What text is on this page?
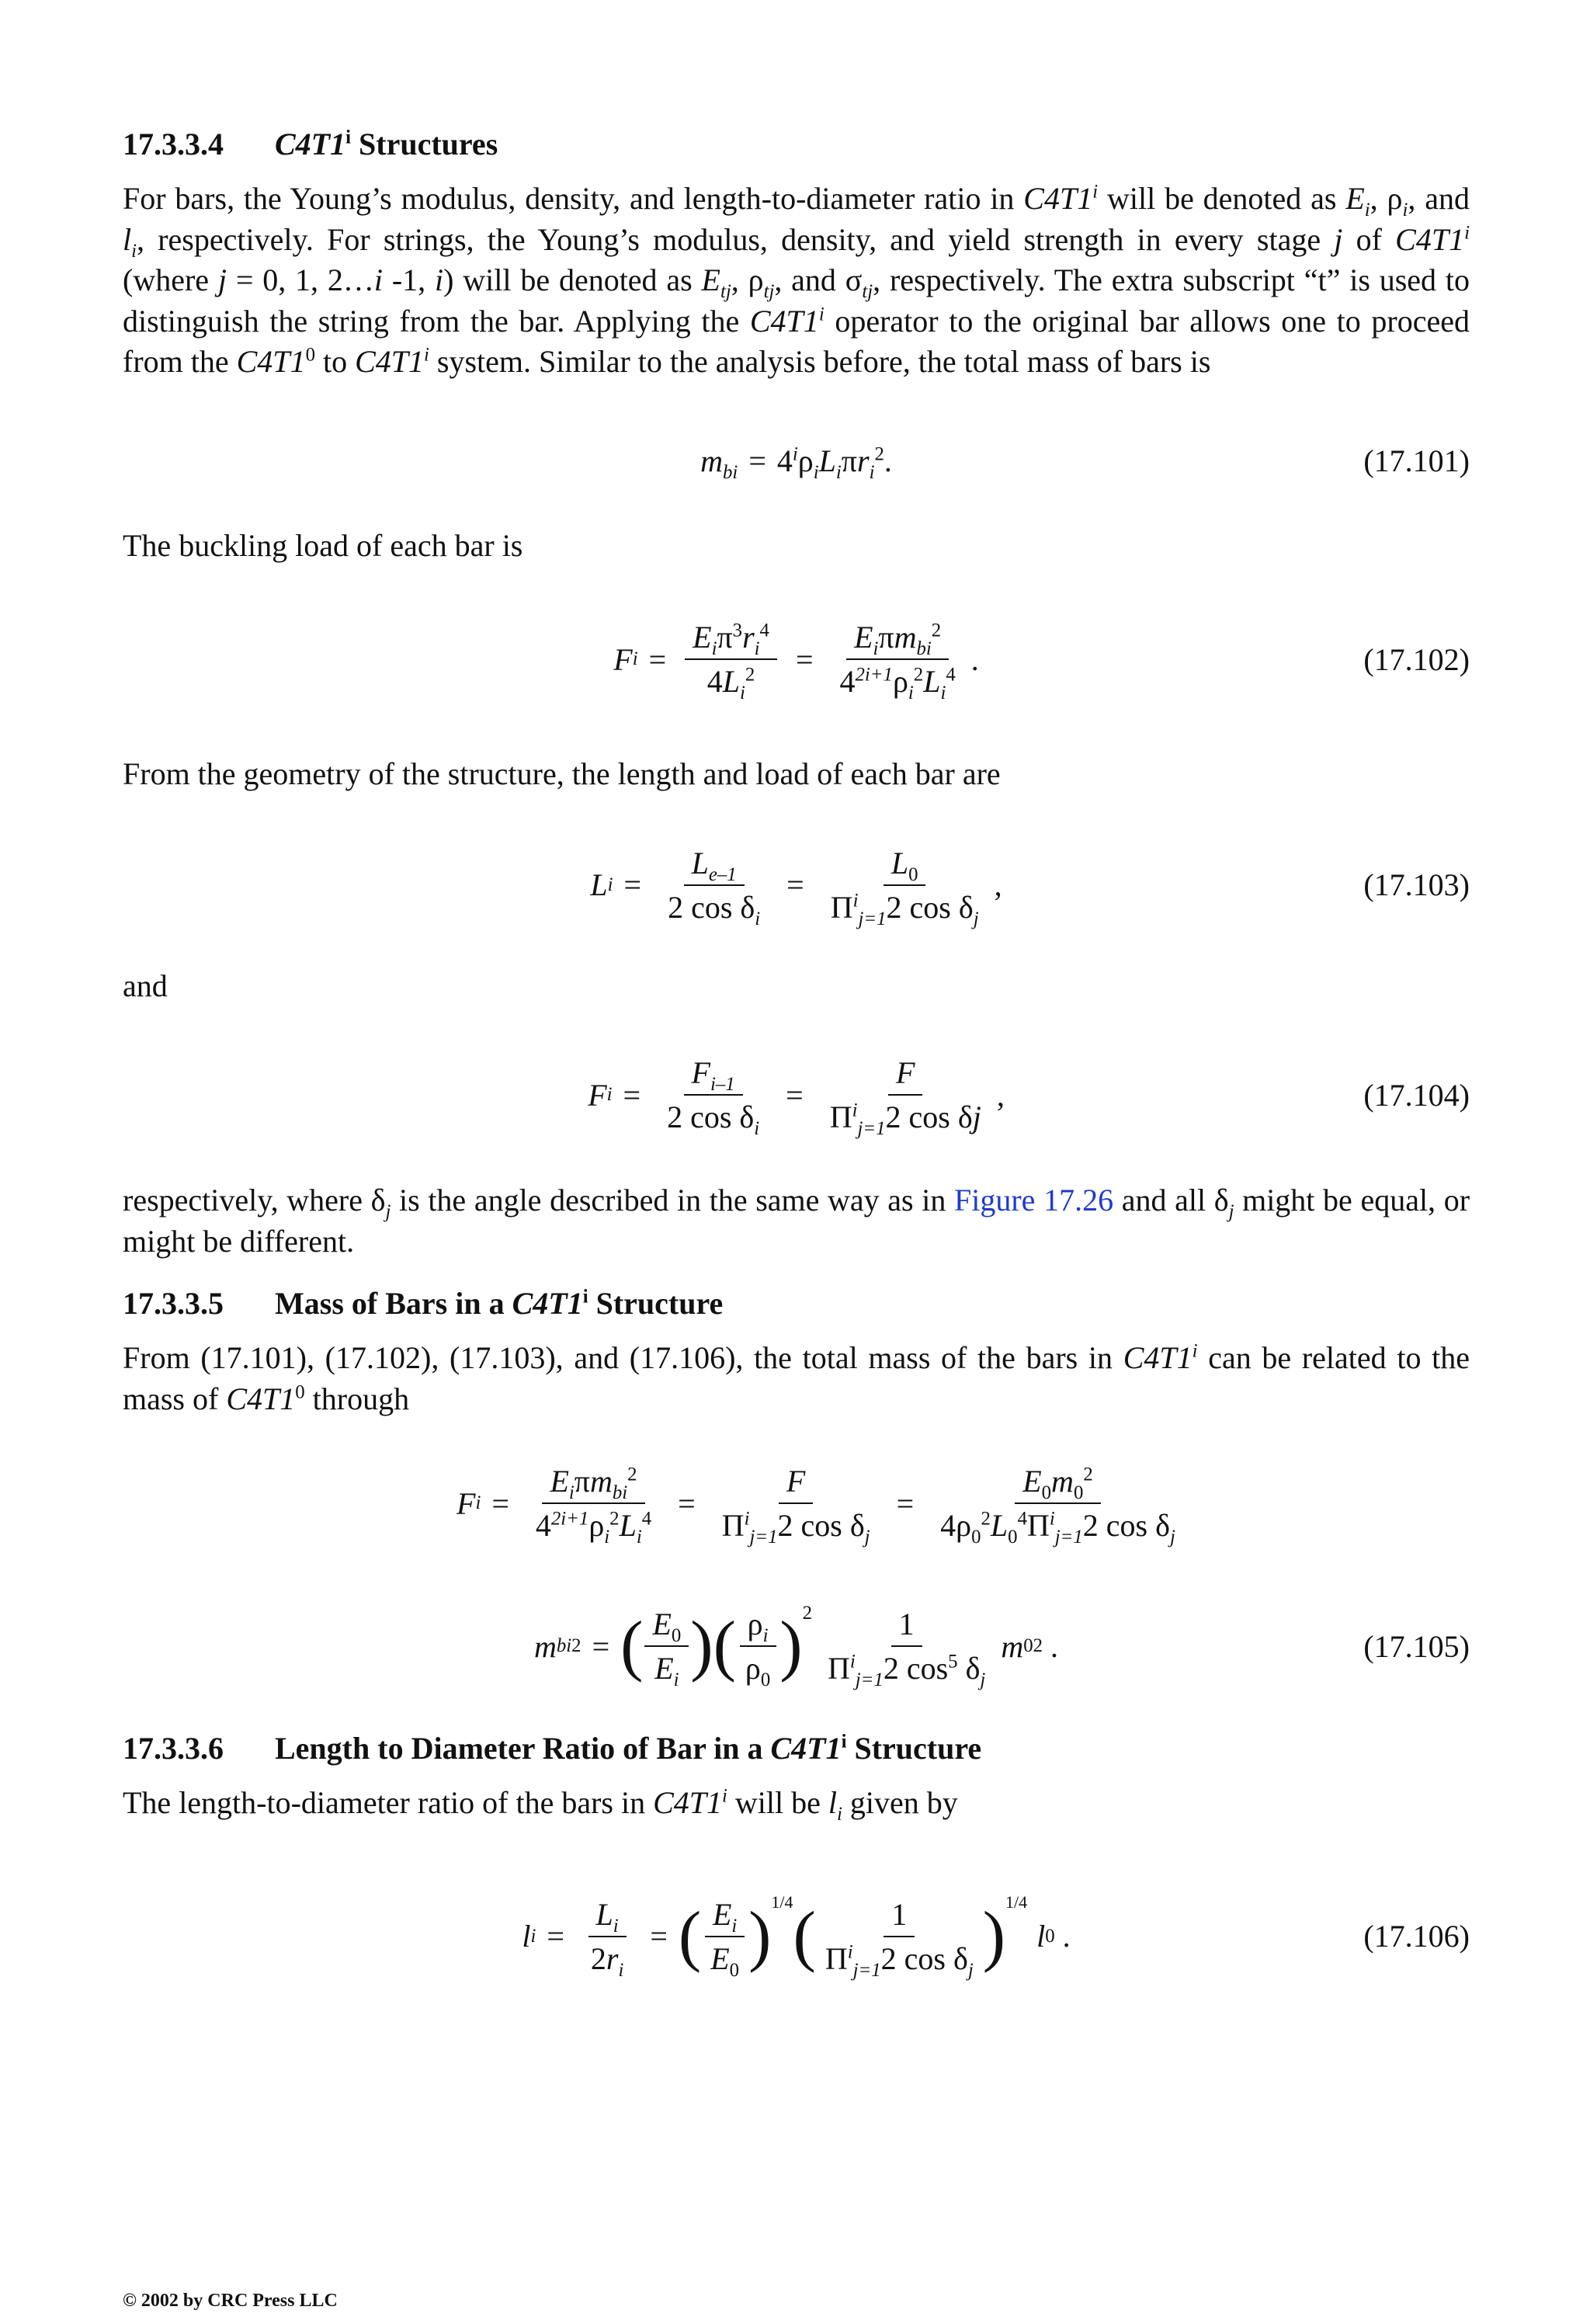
17.3.3.4 C4T1$^i$ Structures

For bars, the Young’s modulus, density, and length-to-diameter ratio in C4T1$^i$ will be denoted as $E_i$, $\rho_i$, and $l_i$, respectively. For strings, the Young’s modulus, density, and yield strength in every stage j of C4T1$^i$ (where j = 0, 1, 2…i -1, i) will be denoted as $E_{tj}$, $\rho_{tj}$, and $\sigma_{tj}$, respectively. The extra subscript “t” is used to distinguish the string from the bar. Applying the C4T1$^i$ operator to the original bar allows one to proceed from the $C4T1^0$ to C4T1$^i$ system. Similar to the analysis before, the total mass of bars is

$m_{bi} = 4^i\rho_iL_i\pi r_i^2$.	(17.101)

The buckling load of each bar is

F $i = \frac{E_i\pi^3r_i^4}{4L_i^2} = \frac{E_i\pi m_{bi}^2}{4^{2i+1}\rho_i^2L_i^4}$ .	(17.102)

From the geometry of the structure, the length and load of each bar are

L $i = \frac{L_{e-1}}{2 \cos \delta_i} = \frac{L_0}{\Pi^i_{j=1}2 \cos \delta_j}$ ,	(17.103)

and

F $i = \frac{F_{i-1}}{2 \cos \delta_i} = \frac{F}{\Pi^i_{j=1}2 \cos \delta j}$ ,	(17.104)

respectively, where $\delta_j$ is the angle described in the same way as in Figure 17.26 and all $\delta_j$ might be equal, or might be different.

17.3.3.5 Mass of Bars in a C4T1$^i$ Structure

From (17.101), (17.102), (17.103), and (17.106), the total mass of the bars in C4T1$^i$ can be related to the mass of $C4T1^0$ through

F $i = \frac{E_i\pi m_{bi}^2}{4^{2i+1}\rho_i^2L_i^4} = \frac{F}{\Pi^i_{j=1}2 \cos \delta_j} = \frac{E_0m_0^2}{4\rho_0^2L_0^4\Pi^i_{j=1}2 \cos \delta_j}$
m bi 2 = ( $\frac{E_0}{E_i}$ ) ( $\frac{\rho_i}{\rho_0}$ ) $2 \frac{1}{\Pi^i_{j=1}2 \cos^5 \delta_j}$ m 0 2 .	(17.105)
17.3.3.6 Length to Diameter Ratio of Bar in a C4T1$^i$ Structure

The length-to-diameter ratio of the bars in C4T1$^i$ will be $l_i$ given by

l $i = \frac{L_i}{2r_i}$ = ( $\frac{E_i}{E_0}$ ) 1/4 ( $\frac{1}{\Pi^i_{j=1}2 \cos \delta_j}$ ) 1/4
l 0 .	(17.106)
© 2002 by CRC Press LLC
